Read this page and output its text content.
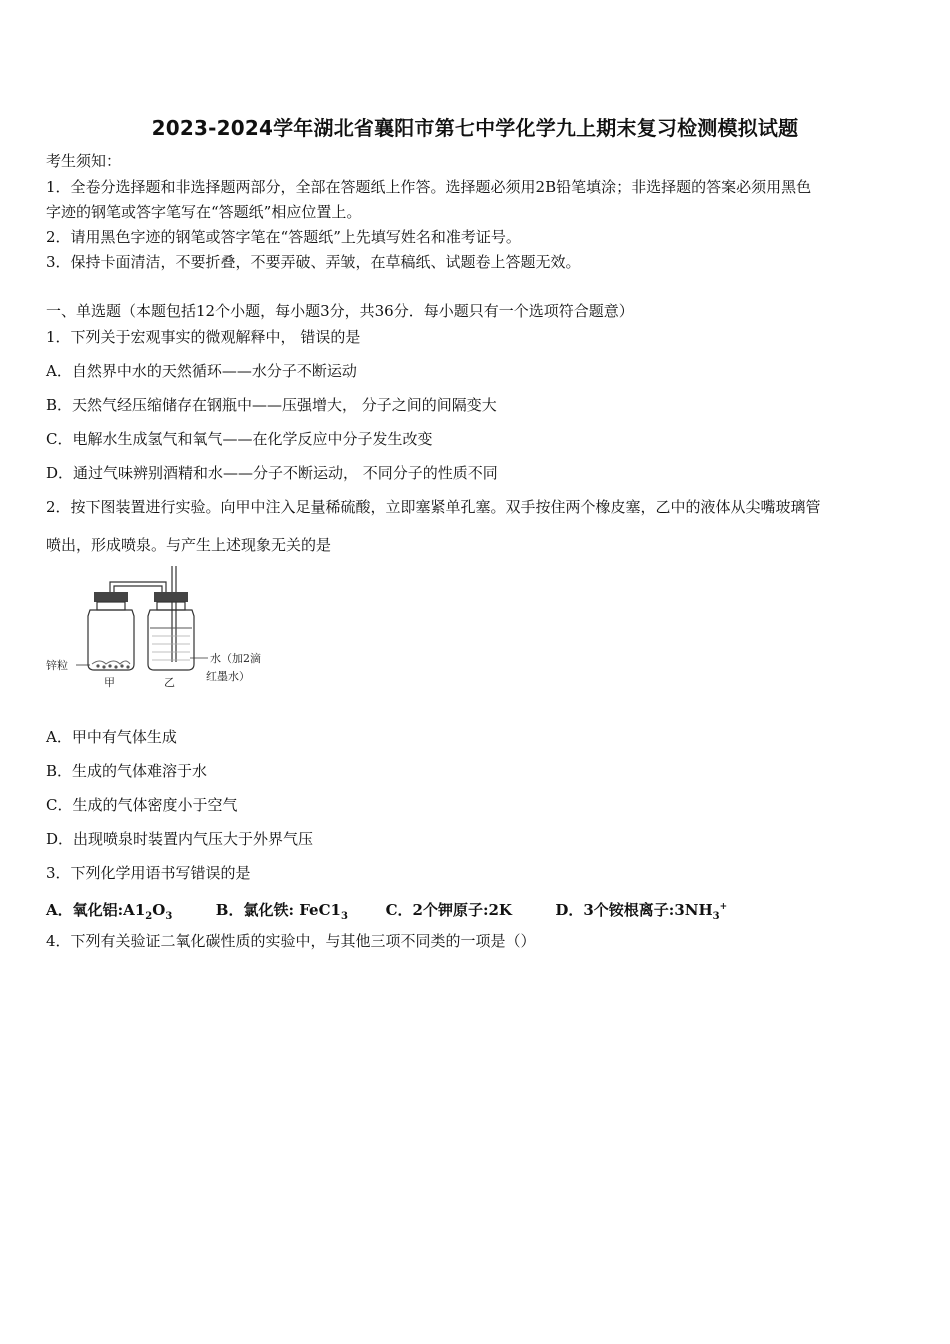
2023-2024学年湖北省襄阳市第七中学化学九上期末复习检测模拟试题
考生须知：
1．全卷分选择题和非选择题两部分，全部在答题纸上作答。选择题必须用2B铅笔填涂；非选择题的答案必须用黑色
字迹的钢笔或答字笔写在“答题纸”相应位置上。
2．请用黑色字迹的钢笔或答字笔在“答题纸”上先填写姓名和准考证号。
3．保持卡面清洁，不要折叠，不要弄破、弄皱，在草稿纸、试题卷上答题无效。
一、单选题（本题包括12个小题，每小题3分，共36分．每小题只有一个选项符合题意）
1．下列关于宏观事实的微观解释中， 错误的是
A．自然界中水的天然循环——水分子不断运动
B．天然气经压缩储存在钢瓶中——压强增大， 分子之间的间隔变大
C．电解水生成氢气和氧气——在化学反应中分子发生改变
D．通过气味辨别酒精和水——分子不断运动， 不同分子的性质不同
2．按下图装置进行实验。向甲中注入足量稀硫酸，立即塞紧单孔塞。双手按住两个橡皮塞，乙中的液体从尖嘴玻璃管
喷出，形成喷泉。与产生上述现象无关的是
锌粒
甲	乙
水（加2滴
红墨水）
A．甲中有气体生成
B．生成的气体难溶于水
C．生成的气体密度小于空气
D．出现喷泉时装置内气压大于外界气压
3．下列化学用语书写错误的是
A．氧化铝$:A1_2O_3$	B．氯化铁: $FeC1_3$	C．2个钾原子:2K	D．3个铵根离子$:3NH_3^+$
4．下列有关验证二氧化碳性质的实验中，与其他三项不同类的一项是（）
